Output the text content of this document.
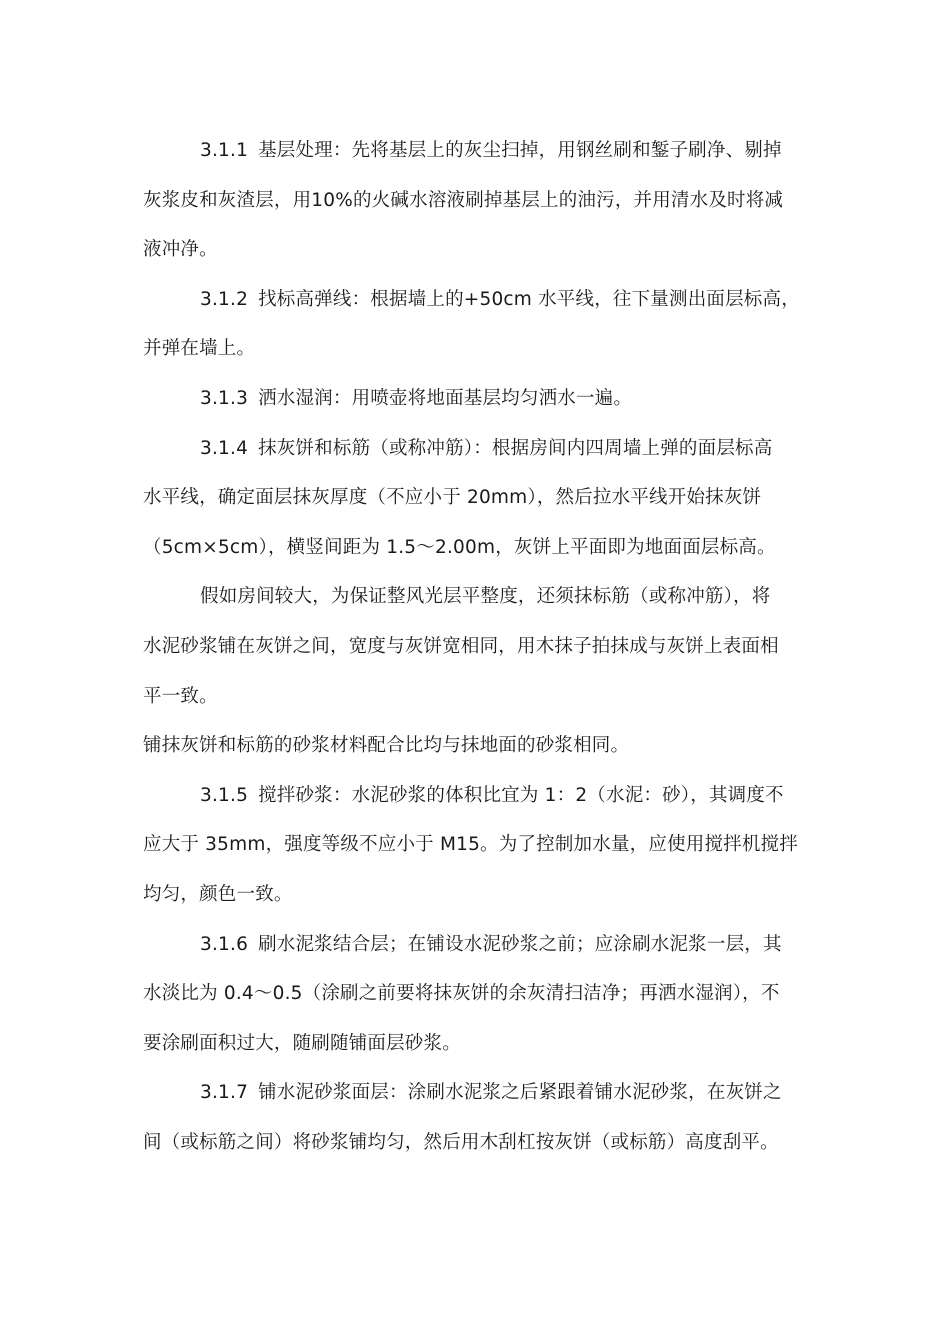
3.1.1 基层处理：先将基层上的灰尘扫掉，用钢丝刷和錾子刷净、剔掉
灰浆皮和灰渣层，用10%的火碱水溶液刷掉基层上的油污，并用清水及时将减
液冲净。
3.1.2 找标高弹线：根据墙上的+50cm 水平线，往下量测出面层标高，
并弹在墙上。
3.1.3 洒水湿润：用喷壶将地面基层均匀洒水一遍。
3.1.4 抹灰饼和标筋（或称冲筋）：根据房间内四周墙上弹的面层标高
水平线，确定面层抹灰厚度（不应小于 20mm），然后拉水平线开始抹灰饼
（5cm×5cm），横竖间距为 1.5～2.00m，灰饼上平面即为地面面层标高。
假如房间较大，为保证整风光层平整度，还须抹标筋（或称冲筋），将
水泥砂浆铺在灰饼之间，宽度与灰饼宽相同，用木抹子拍抹成与灰饼上表面相
平一致。
铺抹灰饼和标筋的砂浆材料配合比均与抹地面的砂浆相同。
3.1.5 搅拌砂浆：水泥砂浆的体积比宜为 1：2（水泥：砂），其调度不
应大于 35mm，强度等级不应小于 M15。为了控制加水量，应使用搅拌机搅拌
均匀，颜色一致。
3.1.6 刷水泥浆结合层；在铺设水泥砂浆之前；应涂刷水泥浆一层，其
水淡比为 0.4～0.5（涂刷之前要将抹灰饼的余灰清扫洁净；再洒水湿润），不
要涂刷面积过大，随刷随铺面层砂浆。
3.1.7 铺水泥砂浆面层：涂刷水泥浆之后紧跟着铺水泥砂浆，在灰饼之
间（或标筋之间）将砂浆铺均匀，然后用木刮杠按灰饼（或标筋）高度刮平。
